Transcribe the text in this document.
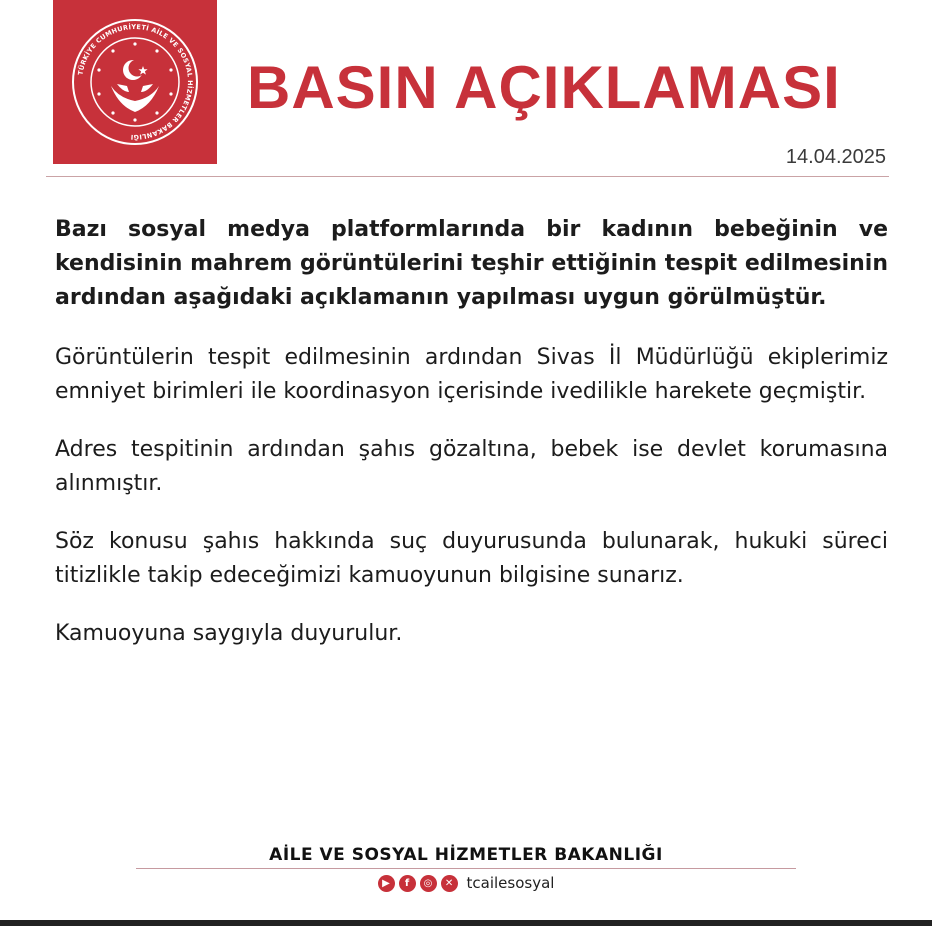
TÜRKİYE CUMHURİYETİ AİLE VE SOSYAL HİZMETLER BAKANLIĞI
BASIN AÇIKLAMASI
14.04.2025

Bazı sosyal medya platformlarında bir kadının bebeğinin ve kendisinin mahrem görüntülerini teşhir ettiğinin tespit edilmesinin ardından aşağıdaki açıklamanın yapılması uygun görülmüştür.

Görüntülerin tespit edilmesinin ardından Sivas İl Müdürlüğü ekiplerimiz emniyet birimleri ile koordinasyon içerisinde ivedilikle harekete geçmiştir.

Adres tespitinin ardından şahıs gözaltına, bebek ise devlet korumasına alınmıştır.

Söz konusu şahıs hakkında suç duyurusunda bulunarak, hukuki süreci titizlikle takip edeceğimizi kamuoyunun bilgisine sunarız.

Kamuoyuna saygıyla duyurulur.

AİLE VE SOSYAL HİZMETLER BAKANLIĞI
▶	f	◎	✕ tcailesosyal
